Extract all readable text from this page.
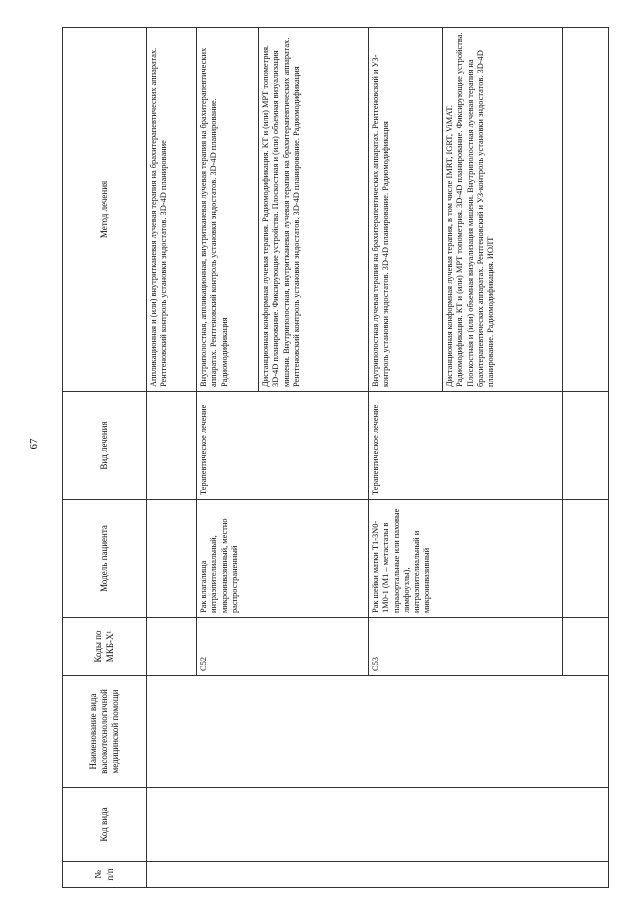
67
№ п/п	Код вида	Наименование вида высокотехнологичной медицинской помощи	Коды по МКБ-Х¹	Модель пациента	Вид лечения	Метод лечения
						Аппликационная и (или) внутритканевая лучевая терапия на брахитерапевтических аппаратах. Рентгеновский контроль установки эндостатов. 3D-4D планирование
			C52	Рак влагалища интраэпителиальный, микроинвазивный, местно распространенный	Терапевтическое лечение	Внутриполостная, аппликационная, внутритканевая лучевая терапия на брахитерапевтических аппаратах. Рентгеновский контроль установки эндостатов. 3D-4D планирование. Радиомодификация
						Дистанционная конформная лучевая терапия. Радиомодификация. КТ и (или) МРТ топометрия. 3D-4D планирование. Фиксирующие устройства. Плоскостная и (или) объемная визуализация мишени. Внутриполостная, внутритканевая лучевая терапия на брахитерапевтических аппаратах. Рентгеновский контроль установки эндостатов. 3D-4D планирование. Радиомодификация
			C53	Рак шейки матки T1-3N0-1M0-1 (M1 – метастазы в парааортальные или паховые лимфоузлы), интраэпителиальный и микроинвазивный	Терапевтическое лечение	Внутриполостная лучевая терапия на брахитерапевтических аппаратах. Рентгеновский и УЗ-контроль установки эндостатов. 3D-4D планирование. Радиомодификация
						Дистанционная конформная лучевая терапия, в том числе IMRT, IGRT, ViMAT. Радиомодификация. КТ и (или) МРТ топометрия. 3D-4D планирование. Фиксирующие устройства. Плоскостная и (или) объемная визуализация мишени. Внутриполостная лучевая терапия на брахитерапевтических аппаратах. Рентгеновский и УЗ-контроль установки эндостатов. 3D-4D планирование. Радиомодификация. ИОЛТ
